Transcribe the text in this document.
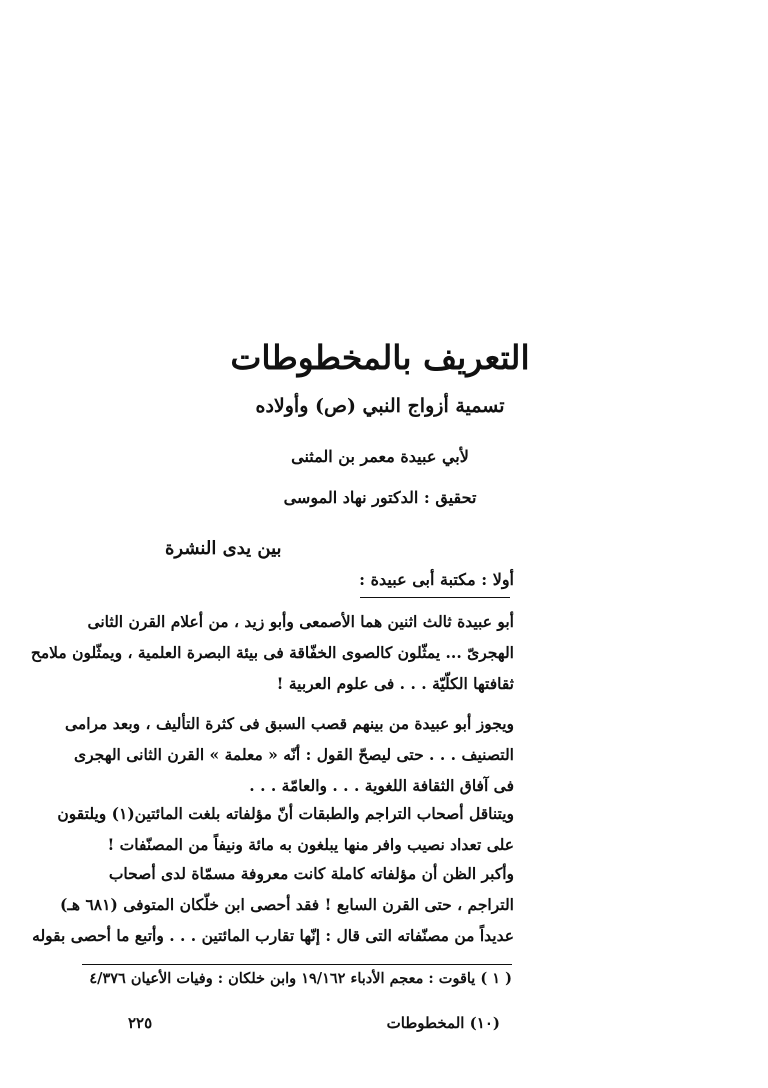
التعريف بالمخطوطات
تسمية أزواج النبي (ص) وأولاده
لأبي عبيدة معمر بن المثنى
تحقيق : الدكتور نهاد الموسى
بين يدى النشرة
أولا : مكتبة أبى عبيدة :

أبو عبيدة ثالث اثنين هما الأصمعى وأبو زيد ، من أعلام القرن الثانى

الهجرىّ ... يمثّلون كالصوى الخفّاقة فى بيئة البصرة العلمية ، ويمثّلون ملامح

ثقافتها الكلّيّة . . . فى علوم العربية !

ويجوز أبو عبيدة من بينهم قصب السبق فى كثرة التأليف ، وبعد مرامى

التصنيف . . . حتى ليصحّ القول : أنّه « معلمة » القرن الثانى الهجرى

فى آفاق الثقافة اللغوية . . . والعامّة . . .

ويتناقل أصحاب التراجم والطبقات أنّ مؤلفاته بلغت المائتين(١) ويلتقون

على تعداد نصيب وافر منها يبلغون به مائة ونيفاً من المصنّفات !

وأكبر الظن أن مؤلفاته كاملة كانت معروفة مسمّاة لدى أصحاب

التراجم ، حتى القرن السابع ! فقد أحصى ابن خلّكان المتوفى (٦٨١ هـ)

عديداً من مصنّفاته التى قال : إنّها تقارب المائتين . . . وأتبع ما أحصى بقوله

( ١ ) ياقوت : معجم الأدباء ١٩/١٦٢ وابن خلكان : وفيات الأعيان ٤/٣٧٦
٢٢٥	(١٠) المخطوطات
